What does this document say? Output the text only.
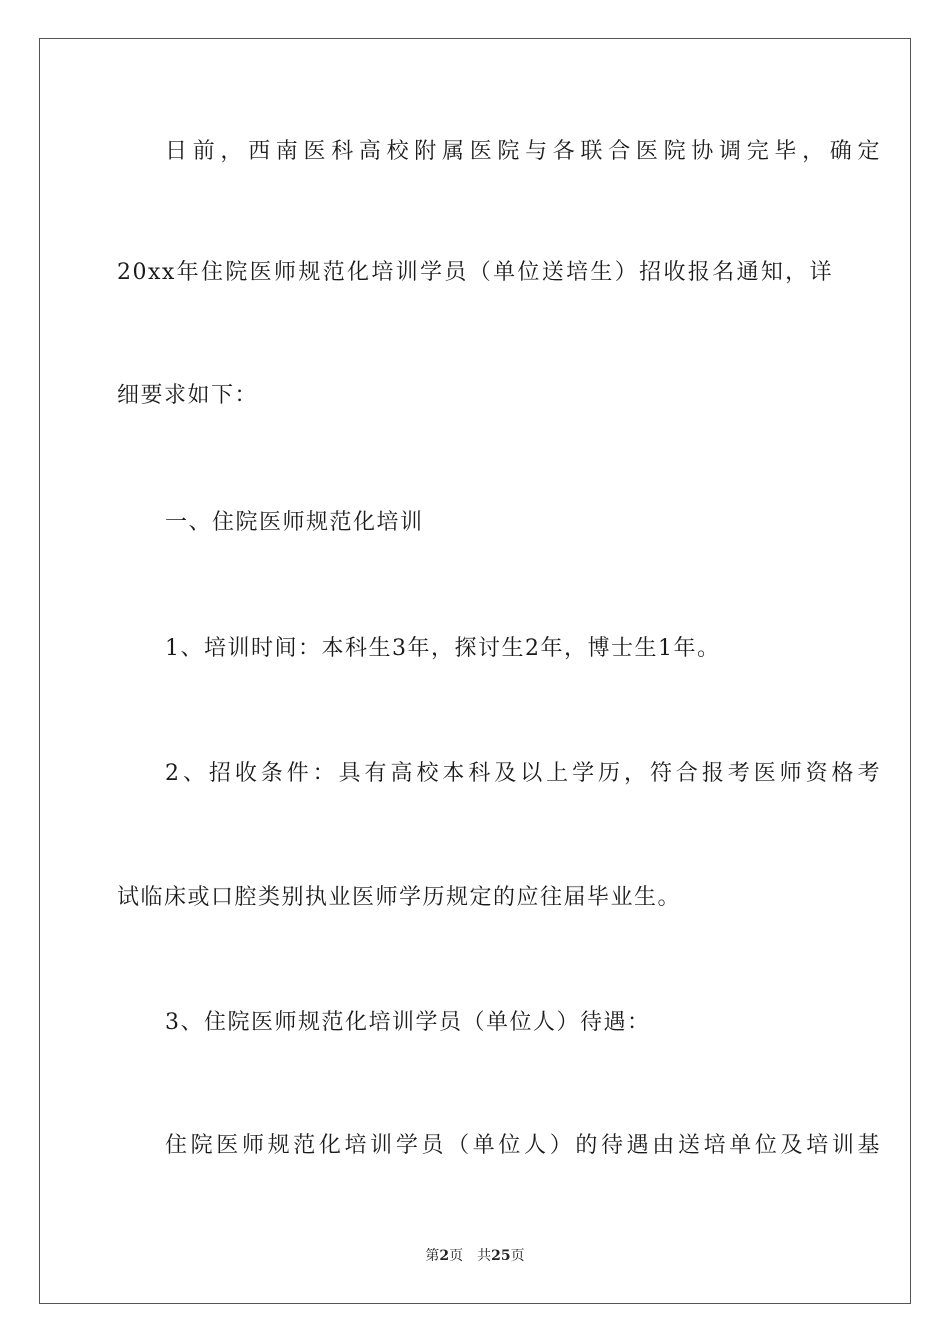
日前，西南医科高校附属医院与各联合医院协调完毕，确定
20xx年住院医师规范化培训学员（单位送培生）招收报名通知，详
细要求如下：
一、住院医师规范化培训
1、培训时间：本科生3年，探讨生2年，博士生1年。
2、招收条件：具有高校本科及以上学历，符合报考医师资格考
试临床或口腔类别执业医师学历规定的应往届毕业生。
3、住院医师规范化培训学员（单位人）待遇：
住院医师规范化培训学员（单位人）的待遇由送培单位及培训基
第2页 共25页
